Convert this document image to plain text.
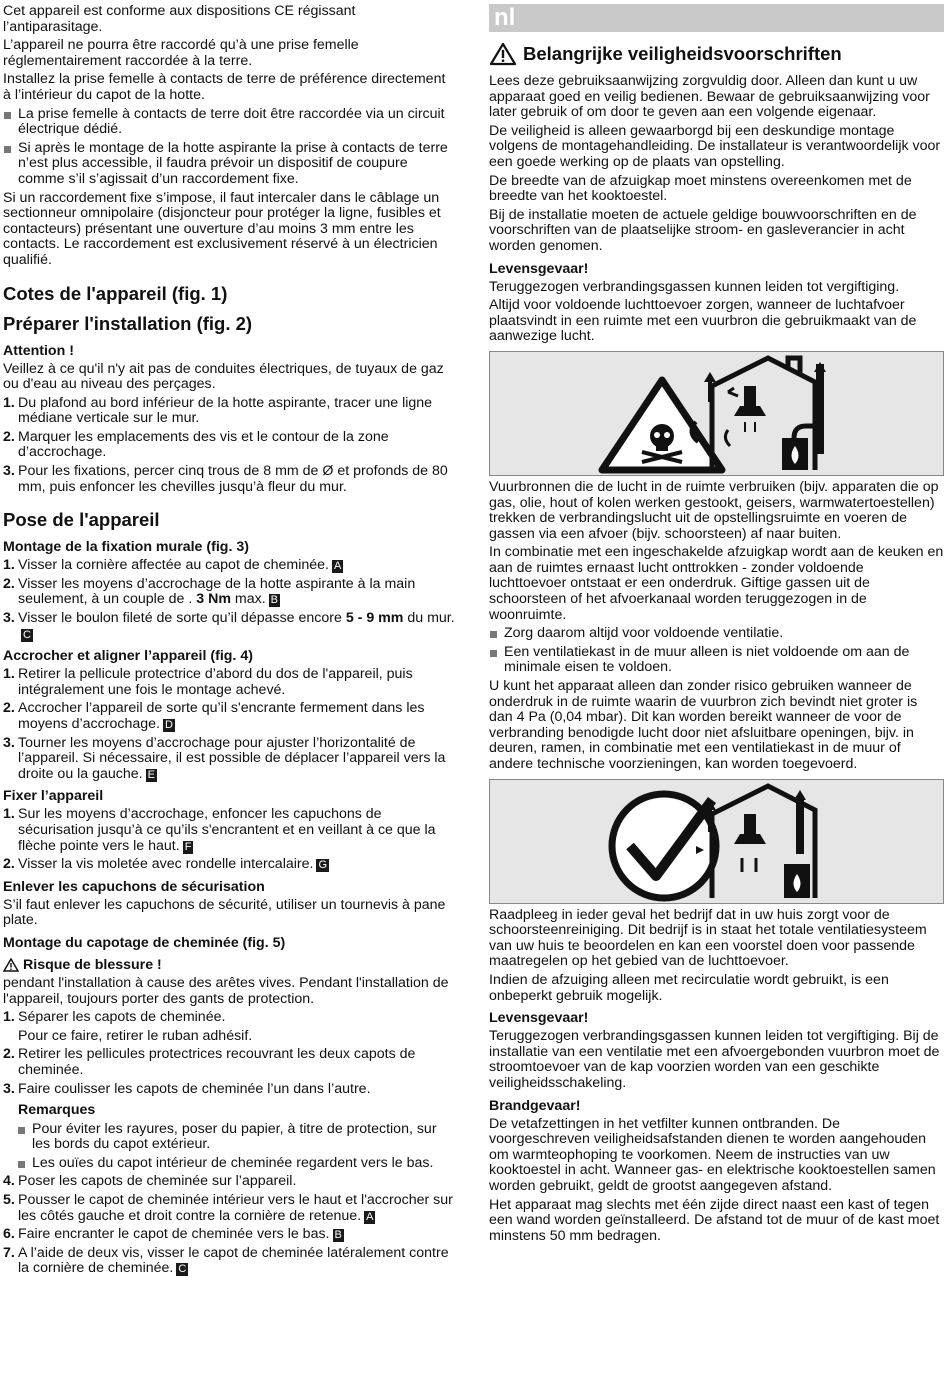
Cet appareil est conforme aux dispositions CE régissant l’antiparasitage.

L’appareil ne pourra être raccordé qu’à une prise femelle réglementairement raccordée à la terre.

Installez la prise femelle à contacts de terre de préférence directement à l’intérieur du capot de la hotte.

La prise femelle à contacts de terre doit être raccordée via un circuit électrique dédié.
Si après le montage de la hotte aspirante la prise à contacts de terre n’est plus accessible, il faudra prévoir un dispositif de coupure comme s’il s’agissait d’un raccordement fixe.

Si un raccordement fixe s’impose, il faut intercaler dans le câblage un sectionneur omnipolaire (disjoncteur pour protéger la ligne, fusibles et contacteurs) présentant une ouverture d’au moins 3 mm entre les contacts. Le raccordement est exclusivement réservé à un électricien qualifié.

Cotes de l'appareil (fig. 1)
Préparer l'installation (fig. 2)
Attention !

Veillez à ce qu'il n'y ait pas de conduites électriques, de tuyaux de gaz ou d'eau au niveau des perçages.

1. Du plafond au bord inférieur de la hotte aspirante, tracer une ligne médiane verticale sur le mur.
2. Marquer les emplacements des vis et le contour de la zone d’accrochage.
3. Pour les fixations, percer cinq trous de 8 mm de Ø et profonds de 80 mm, puis enfoncer les chevilles jusqu’à fleur du mur.
Pose de l'appareil
Montage de la fixation murale (fig. 3)
1. Visser la cornière affectée au capot de cheminée. A
2. Visser les moyens d’accrochage de la hotte aspirante à la main seulement, à un couple de . 3 Nm max. B
3. Visser le boulon fileté de sorte qu’il dépasse encore 5 - 9 mm du mur.C
Accrocher et aligner l’appareil (fig. 4)
1. Retirer la pellicule protectrice d’abord du dos de l'appareil, puis intégralement une fois le montage achevé.
2. Accrocher l’appareil de sorte qu’il s'encrante fermement dans les moyens d’accrochage. D
3. Tourner les moyens d’accrochage pour ajuster l’horizontalité de l’appareil. Si nécessaire, il est possible de déplacer l’appareil vers la droite ou la gauche. E
Fixer l’appareil
1. Sur les moyens d’accrochage, enfoncer les capuchons de sécurisation jusqu’à ce qu’ils s'encrantent et en veillant à ce que la flèche pointe vers le haut. F
2. Visser la vis moletée avec rondelle intercalaire. G
Enlever les capuchons de sécurisation

S’il faut enlever les capuchons de sécurité, utiliser un tournevis à pane plate.

Montage du capotage de cheminée (fig. 5)
Risque de blessure !

pendant l'installation à cause des arêtes vives. Pendant l'installation de l'appareil, toujours porter des gants de protection.

1. Séparer les capots de cheminée.
Pour ce faire, retirer le ruban adhésif.
2. Retirer les pellicules protectrices recouvrant les deux capots de cheminée.
3. Faire coulisser les capots de cheminée l’un dans l’autre.
Remarques
Pour éviter les rayures, poser du papier, à titre de protection, sur les bords du capot extérieur.
Les ouïes du capot intérieur de cheminée regardent vers le bas.
4. Poser les capots de cheminée sur l’appareil.
5. Pousser le capot de cheminée intérieur vers le haut et l'accrocher sur les côtés gauche et droit contre la cornière de retenue. A
6. Faire encranter le capot de cheminée vers le bas. B
7. A l’aide de deux vis, visser le capot de cheminée latéralement contre la cornière de cheminée. C
nl
Belangrijke veiligheidsvoorschriften

Lees deze gebruiksaanwijzing zorgvuldig door. Alleen dan kunt u uw apparaat goed en veilig bedienen. Bewaar de gebruiksaanwijzing voor later gebruik of om door te geven aan een volgende eigenaar.

De veiligheid is alleen gewaarborgd bij een deskundige montage volgens de montagehandleiding. De installateur is verantwoordelijk voor een goede werking op de plaats van opstelling.

De breedte van de afzuigkap moet minstens overeenkomen met de breedte van het kooktoestel.

Bij de installatie moeten de actuele geldige bouwvoorschriften en de voorschriften van de plaatselijke stroom- en gasleverancier in acht worden genomen.

Levensgevaar!

Teruggezogen verbrandingsgassen kunnen leiden tot vergiftiging.

Altijd voor voldoende luchttoevoer zorgen, wanneer de luchtafvoer plaatsvindt in een ruimte met een vuurbron die gebruikmaakt van de aanwezige lucht.

Vuurbronnen die de lucht in de ruimte verbruiken (bijv. apparaten die op gas, olie, hout of kolen werken gestookt, geisers, warmwatertoestellen) trekken de verbrandingslucht uit de opstellingsruimte en voeren de gassen via een afvoer (bijv. schoorsteen) af naar buiten.

In combinatie met een ingeschakelde afzuigkap wordt aan de keuken en aan de ruimtes ernaast lucht onttrokken - zonder voldoende luchttoevoer ontstaat er een onderdruk. Giftige gassen uit de schoorsteen of het afvoerkanaal worden teruggezogen in de woonruimte.

Zorg daarom altijd voor voldoende ventilatie.
Een ventilatiekast in de muur alleen is niet voldoende om aan de minimale eisen te voldoen.

U kunt het apparaat alleen dan zonder risico gebruiken wanneer de onderdruk in de ruimte waarin de vuurbron zich bevindt niet groter is dan 4 Pa (0,04 mbar). Dit kan worden bereikt wanneer de voor de verbranding benodigde lucht door niet afsluitbare openingen, bijv. in deuren, ramen, in combinatie met een ventilatiekast in de muur of andere technische voorzieningen, kan worden toegevoerd.

Raadpleeg in ieder geval het bedrijf dat in uw huis zorgt voor de schoorsteenreiniging. Dit bedrijf is in staat het totale ventilatiesysteem van uw huis te beoordelen en kan een voorstel doen voor passende maatregelen op het gebied van de luchttoevoer.

Indien de afzuiging alleen met recirculatie wordt gebruikt, is een onbeperkt gebruik mogelijk.

Levensgevaar!

Teruggezogen verbrandingsgassen kunnen leiden tot vergiftiging. Bij de installatie van een ventilatie met een afvoergebonden vuurbron moet de stroomtoevoer van de kap voorzien worden van een geschikte veiligheidsschakeling.

Brandgevaar!

De vetafzettingen in het vetfilter kunnen ontbranden. De voorgeschreven veiligheidsafstanden dienen te worden aangehouden om warmteophoping te voorkomen. Neem de instructies van uw kooktoestel in acht. Wanneer gas- en elektrische kooktoestellen samen worden gebruikt, geldt de grootst aangegeven afstand.

Het apparaat mag slechts met één zijde direct naast een kast of tegen een wand worden geïnstalleerd. De afstand tot de muur of de kast moet minstens 50 mm bedragen.
